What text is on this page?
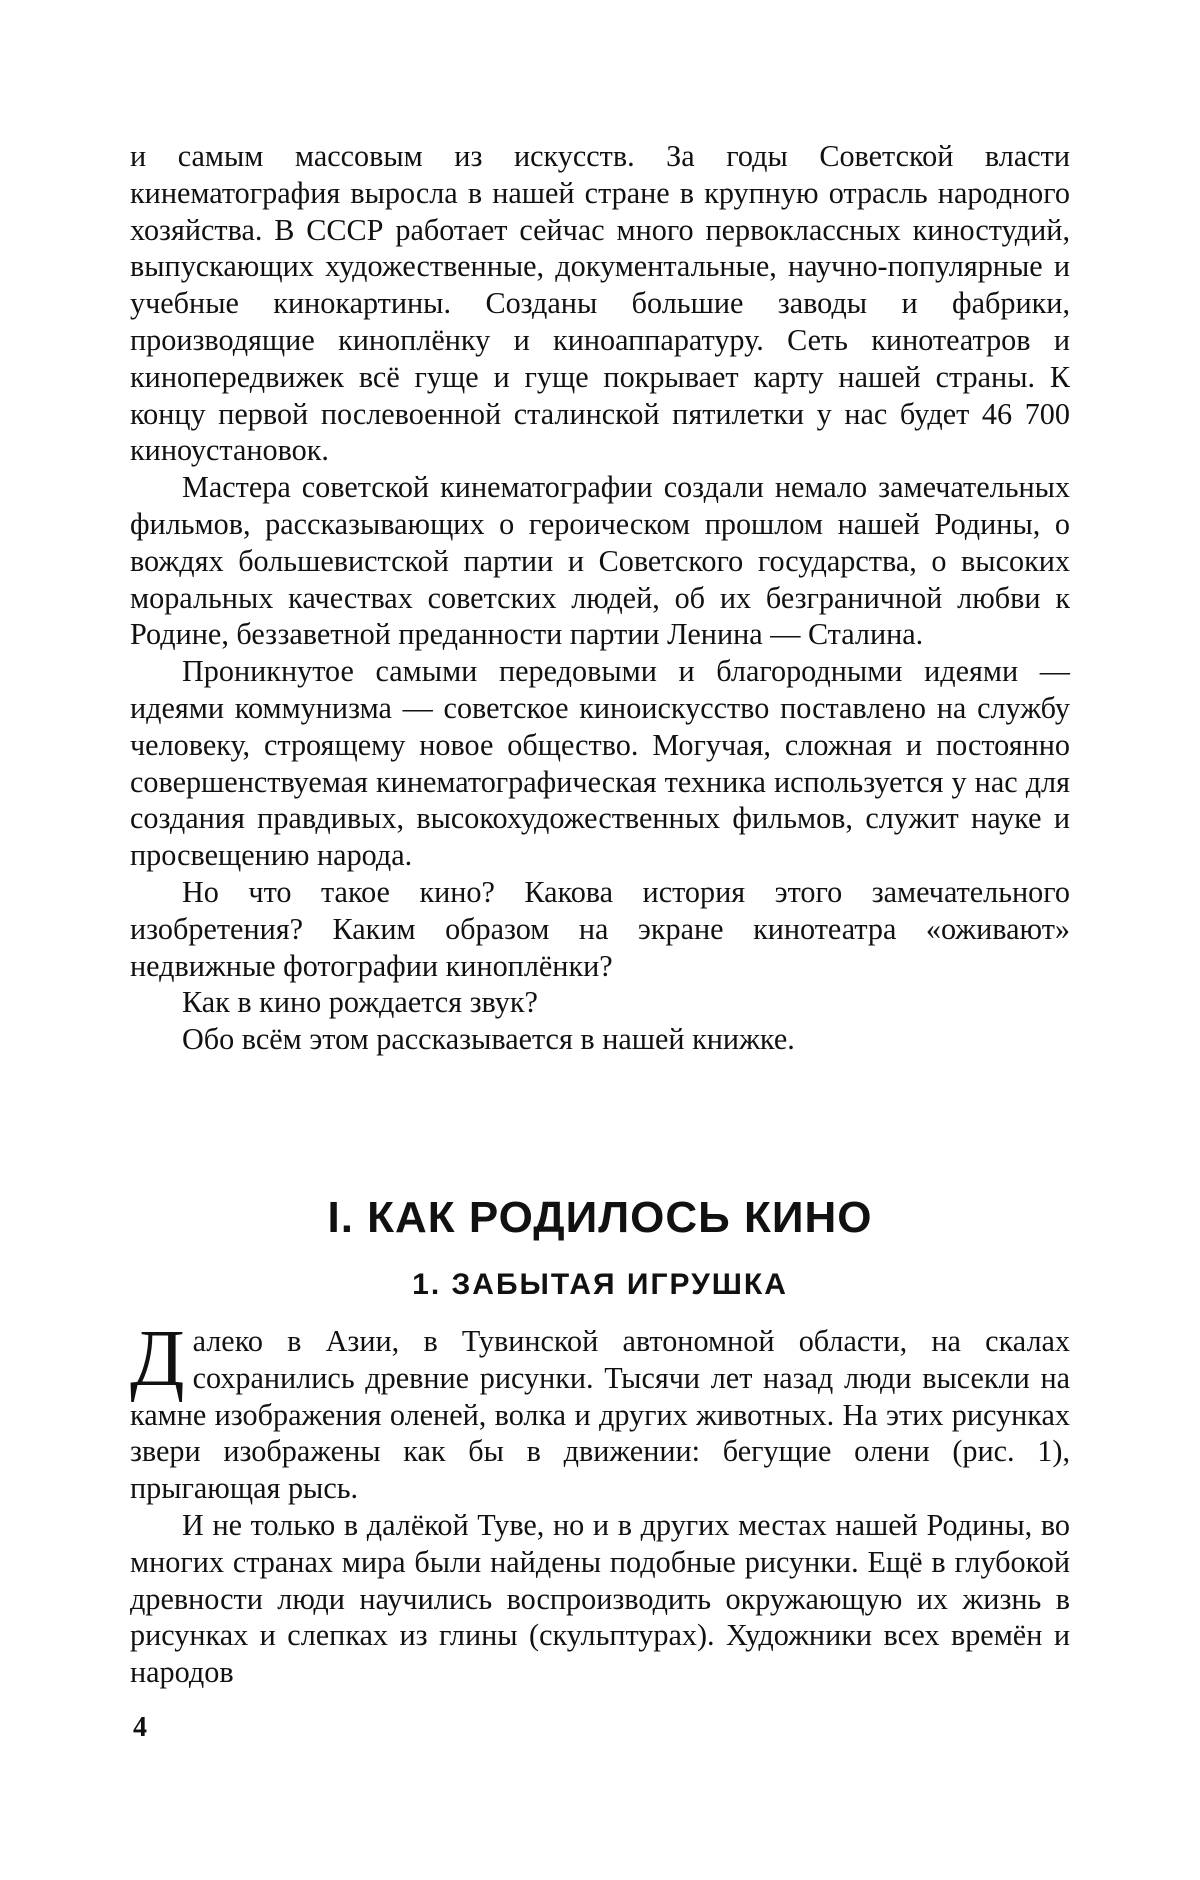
и самым массовым из искусств. За годы Советской власти кинематография выросла в нашей стране в крупную отрасль народного хозяйства. В СССР работает сейчас много первоклассных киностудий, выпускающих художественные, документальные, научно-популярные и учебные кинокартины. Созданы большие заводы и фабрики, производящие киноплёнку и киноаппаратуру. Сеть кинотеатров и кинопередвижек всё гуще и гуще покрывает карту нашей страны. К концу первой послевоенной сталинской пятилетки у нас будет 46 700 киноустановок.

Мастера советской кинематографии создали немало замечательных фильмов, рассказывающих о героическом прошлом нашей Родины, о вождях большевистской партии и Советского государства, о высоких моральных качествах советских людей, об их безграничной любви к Родине, беззаветной преданности партии Ленина — Сталина.

Проникнутое самыми передовыми и благородными идеями — идеями коммунизма — советское киноискусство поставлено на службу человеку, строящему новое общество. Могучая, сложная и постоянно совершенствуемая кинематографическая техника используется у нас для создания правдивых, высокохудожественных фильмов, служит науке и просвещению народа.

Но что такое кино? Какова история этого замечательного изобретения? Каким образом на экране кинотеатра «оживают» недвижные фотографии киноплёнки?

Как в кино рождается звук?

Обо всём этом рассказывается в нашей книжке.

I. КАК РОДИЛОСЬ КИНО
1. ЗАБЫТАЯ ИГРУШКА

Далеко в Азии, в Тувинской автономной области, на скалах сохранились древние рисунки. Тысячи лет назад люди высекли на камне изображения оленей, волка и других животных. На этих рисунках звери изображены как бы в движении: бегущие олени (рис. 1), прыгающая рысь.

И не только в далёкой Туве, но и в других местах нашей Родины, во многих странах мира были найдены подобные рисунки. Ещё в глубокой древности люди научились воспроизводить окружающую их жизнь в рисунках и слепках из глины (скульптурах). Художники всех времён и народов

4
